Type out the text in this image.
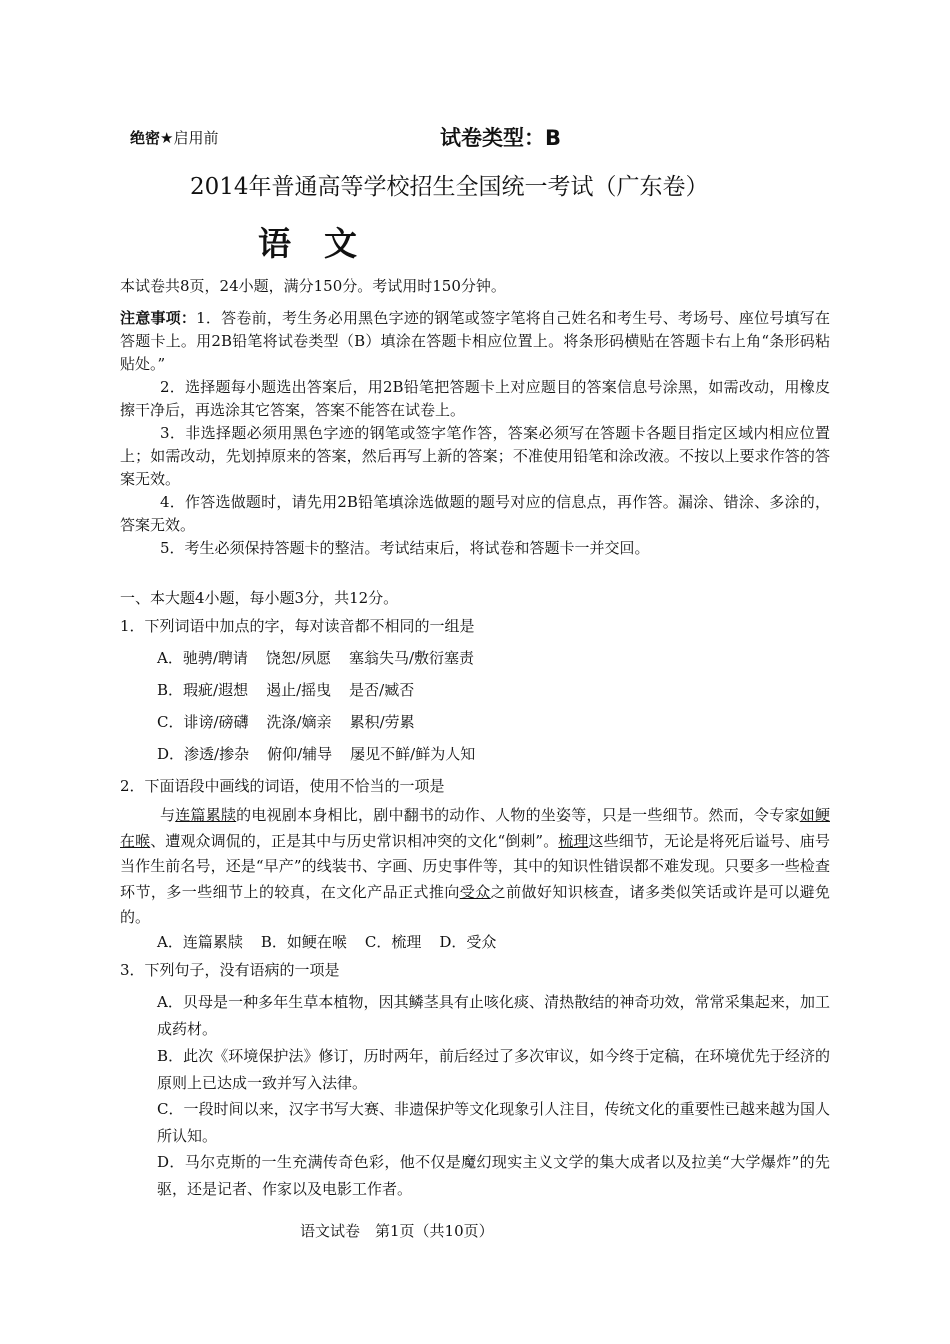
绝密★启用前	试卷类型：B
2014年普通高等学校招生全国统一考试（广东卷）
语　文
本试卷共8页，24小题，满分150分。考试用时150分钟。
注意事项：1．答卷前，考生务必用黑色字迹的钢笔或签字笔将自己姓名和考生号、考场号、座位号填写在答题卡上。用2B铅笔将试卷类型（B）填涂在答题卡相应位置上。将条形码横贴在答题卡右上角“条形码粘贴处。”
2．选择题每小题选出答案后，用2B铅笔把答题卡上对应题目的答案信息号涂黑，如需改动，用橡皮擦干净后，再选涂其它答案，答案不能答在试卷上。
3．非选择题必须用黑色字迹的钢笔或签字笔作答，答案必须写在答题卡各题目指定区域内相应位置上；如需改动，先划掉原来的答案，然后再写上新的答案；不准使用铅笔和涂改液。不按以上要求作答的答案无效。
4．作答选做题时，请先用2B铅笔填涂选做题的题号对应的信息点，再作答。漏涂、错涂、多涂的，答案无效。
5．考生必须保持答题卡的整洁。考试结束后，将试卷和答题卡一并交回。
一、本大题4小题，每小题3分，共12分。
1．下列词语中加点的字，每对读音都不相同的一组是
A．驰骋/聘请 饶恕/夙愿 塞翁失马/敷衍塞责
B．瑕疵/遐想 遏止/摇曳 是否/臧否
C．诽谤/磅礴 洗涤/嫡亲 累积/劳累
D．渗透/掺杂 俯仰/辅导 屡见不鲜/鲜为人知
2．下面语段中画线的词语，使用不恰当的一项是
与连篇累牍的电视剧本身相比，剧中翻书的动作、人物的坐姿等，只是一些细节。然而，令专家如鲠在喉、遭观众调侃的，正是其中与历史常识相冲突的文化“倒刺”。梳理这些细节，无论是将死后谥号、庙号当作生前名号，还是“早产”的线装书、字画、历史事件等，其中的知识性错误都不难发现。只要多一些检查环节，多一些细节上的较真，在文化产品正式推向受众之前做好知识核查，诸多类似笑话或许是可以避免的。
A．连篇累牍 B．如鲠在喉 C．梳理 D．受众
3．下列句子，没有语病的一项是
A．贝母是一种多年生草本植物，因其鳞茎具有止咳化痰、清热散结的神奇功效，常常采集起来，加工成药材。
B．此次《环境保护法》修订，历时两年，前后经过了多次审议，如今终于定稿，在环境优先于经济的原则上已达成一致并写入法律。
C．一段时间以来，汉字书写大赛、非遗保护等文化现象引人注目，传统文化的重要性已越来越为国人所认知。
D．马尔克斯的一生充满传奇色彩，他不仅是魔幻现实主义文学的集大成者以及拉美“大学爆炸”的先驱，还是记者、作家以及电影工作者。
语文试卷　第1页（共10页）
